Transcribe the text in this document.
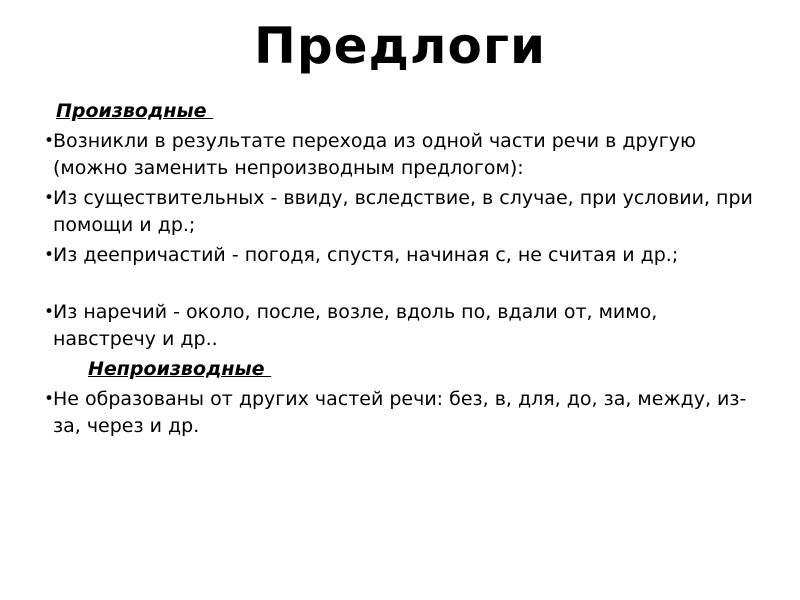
Предлоги
Производные
•
Возникли в результате перехода из одной части речи в другую (можно заменить непроизводным предлогом):
•
Из существительных - ввиду, вследствие, в случае, при условии, при помощи и др.;
•
Из деепричастий - погодя, спустя, начиная с, не считая и др.;
•
Из наречий - около, после, возле, вдоль по, вдали от, мимо, навстречу и др..
Непроизводные
•
Не образованы от других частей речи: без, в, для, до, за, между, из-за, через и др.
